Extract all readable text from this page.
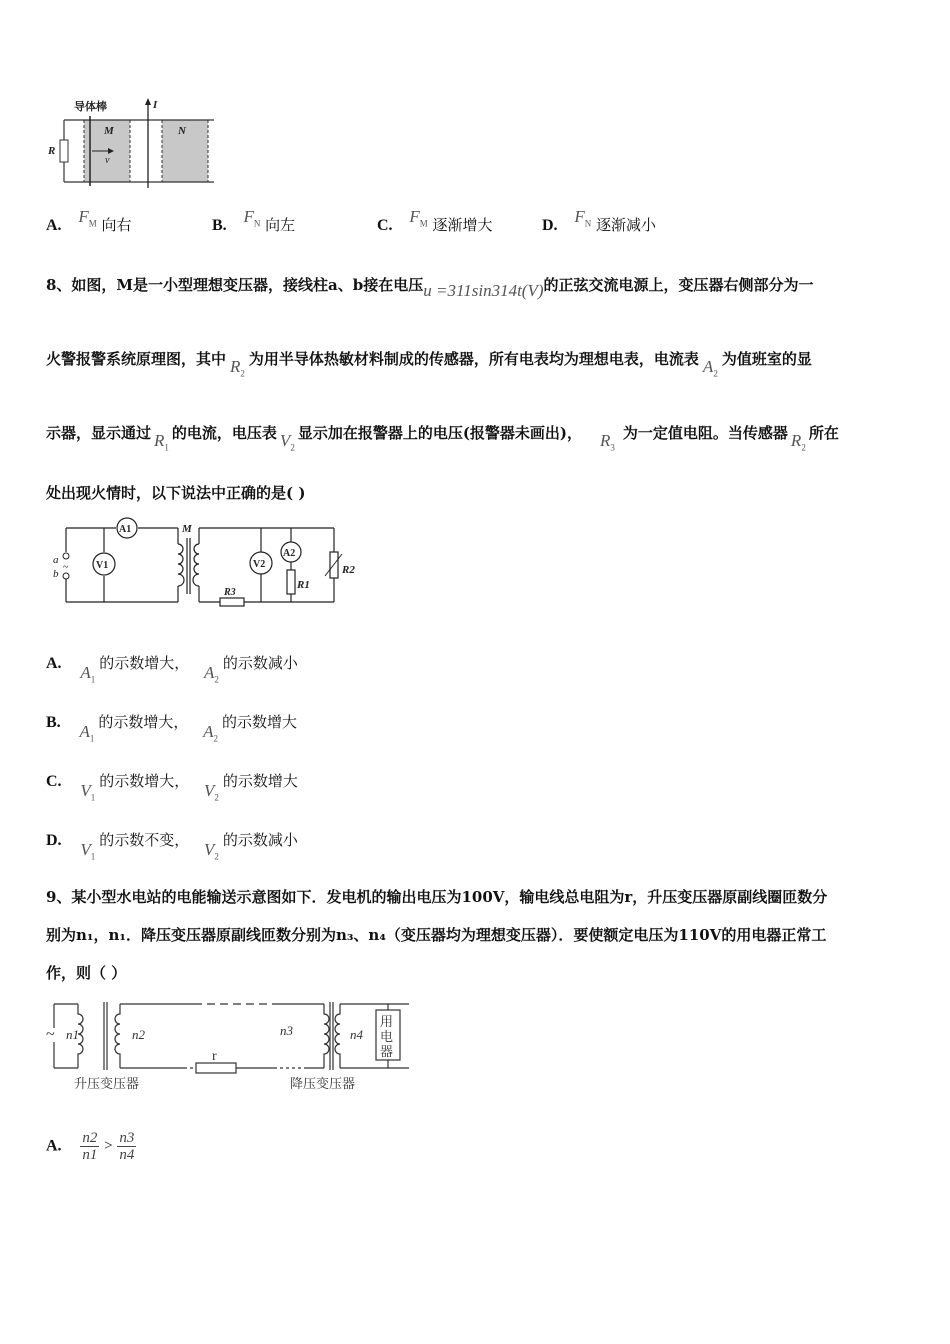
导体棒	I
M	N
R
v
A. $F_M$ 向右	B. $F_N$ 向左	C. $F_M$ 逐渐增大	D. $F_N$ 逐渐减小
8、如图，M是一小型理想变压器，接线柱a、b接在电压u =311sin314t(V)的正弦交流电源上，变压器右侧部分为一
火警报警系统原理图，其中 $R_2$为用半导体热敏材料制成的传感器，所有电表均为理想电表，电流表 $A_2$为值班室的显
示器，显示通过 $R_1$的电流，电压表 $V_2$显示加在报警器上的电压(报警器未画出)， $R_3$为一定值电阻。当传感器 $R_2$所在
处出现火情时，以下说法中正确的是( )
a
b
~
A1
V1
M
V2
A2
R1
R2
R3
A. $A_1$的示数增大， $A_2$的示数减小
B. $A_1$的示数增大， $A_2$的示数增大
C. $V_1$的示数增大， $V_2$的示数增大
D. $V_1$的示数不变， $V_2$的示数减小
9、某小型水电站的电能输送示意图如下．发电机的输出电压为100V，输电线总电阻为r，升压变压器原副线圈匝数分
别为n₁，n₁．降压变压器原副线匝数分别为n₃、n₄（变压器均为理想变压器）．要使额定电压为110V的用电器正常工
作，则（ ）
用
电
器
~ n1	n2	n3	n4
r
升压变压器	降压变压器
A. $\frac{n2}{n1} > \frac{n3}{n4}$
